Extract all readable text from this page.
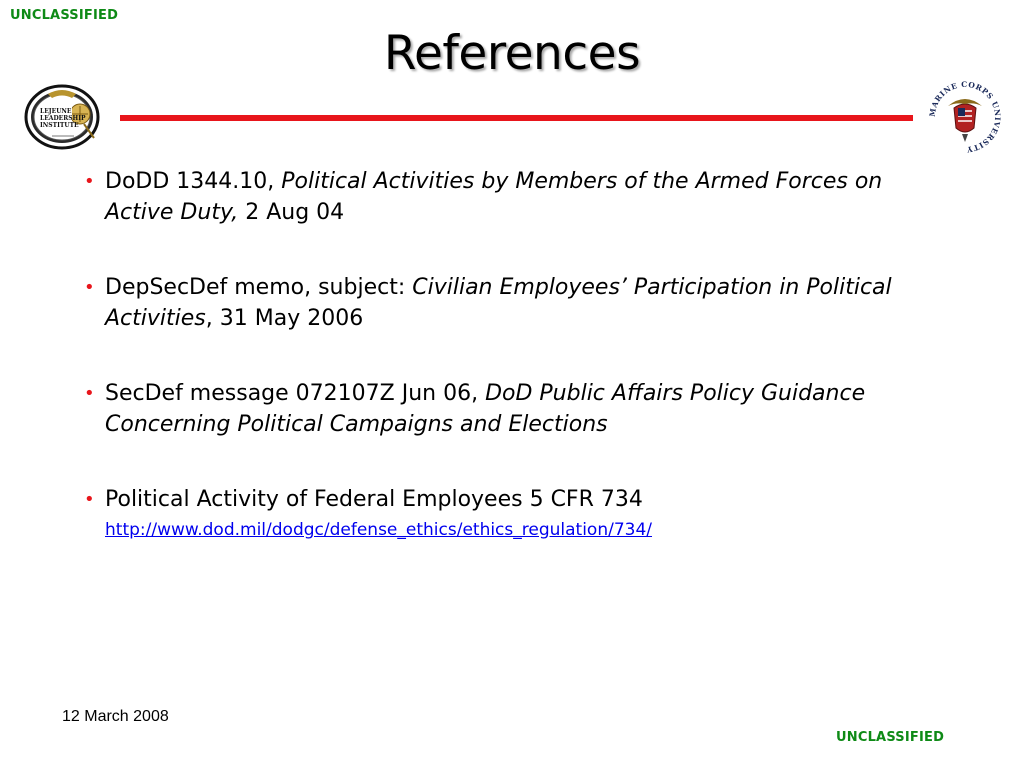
UNCLASSIFIED
References
LEJEUNE
LEADERSHIP
INSTITUTE
MARINE CORPS UNIVERSITY
• DoDD 1344.10, Political Activities by Members of the Armed Forces on Active Duty, 2 Aug 04
• DepSecDef memo, subject: Civilian Employees’ Participation in Political Activities, 31 May 2006
• SecDef message 072107Z Jun 06, DoD Public Affairs Policy Guidance Concerning Political Campaigns and Elections
• Political Activity of Federal Employees 5 CFR 734
http://www.dod.mil/dodgc/defense_ethics/ethics_regulation/734/
12 March 2008
UNCLASSIFIED
